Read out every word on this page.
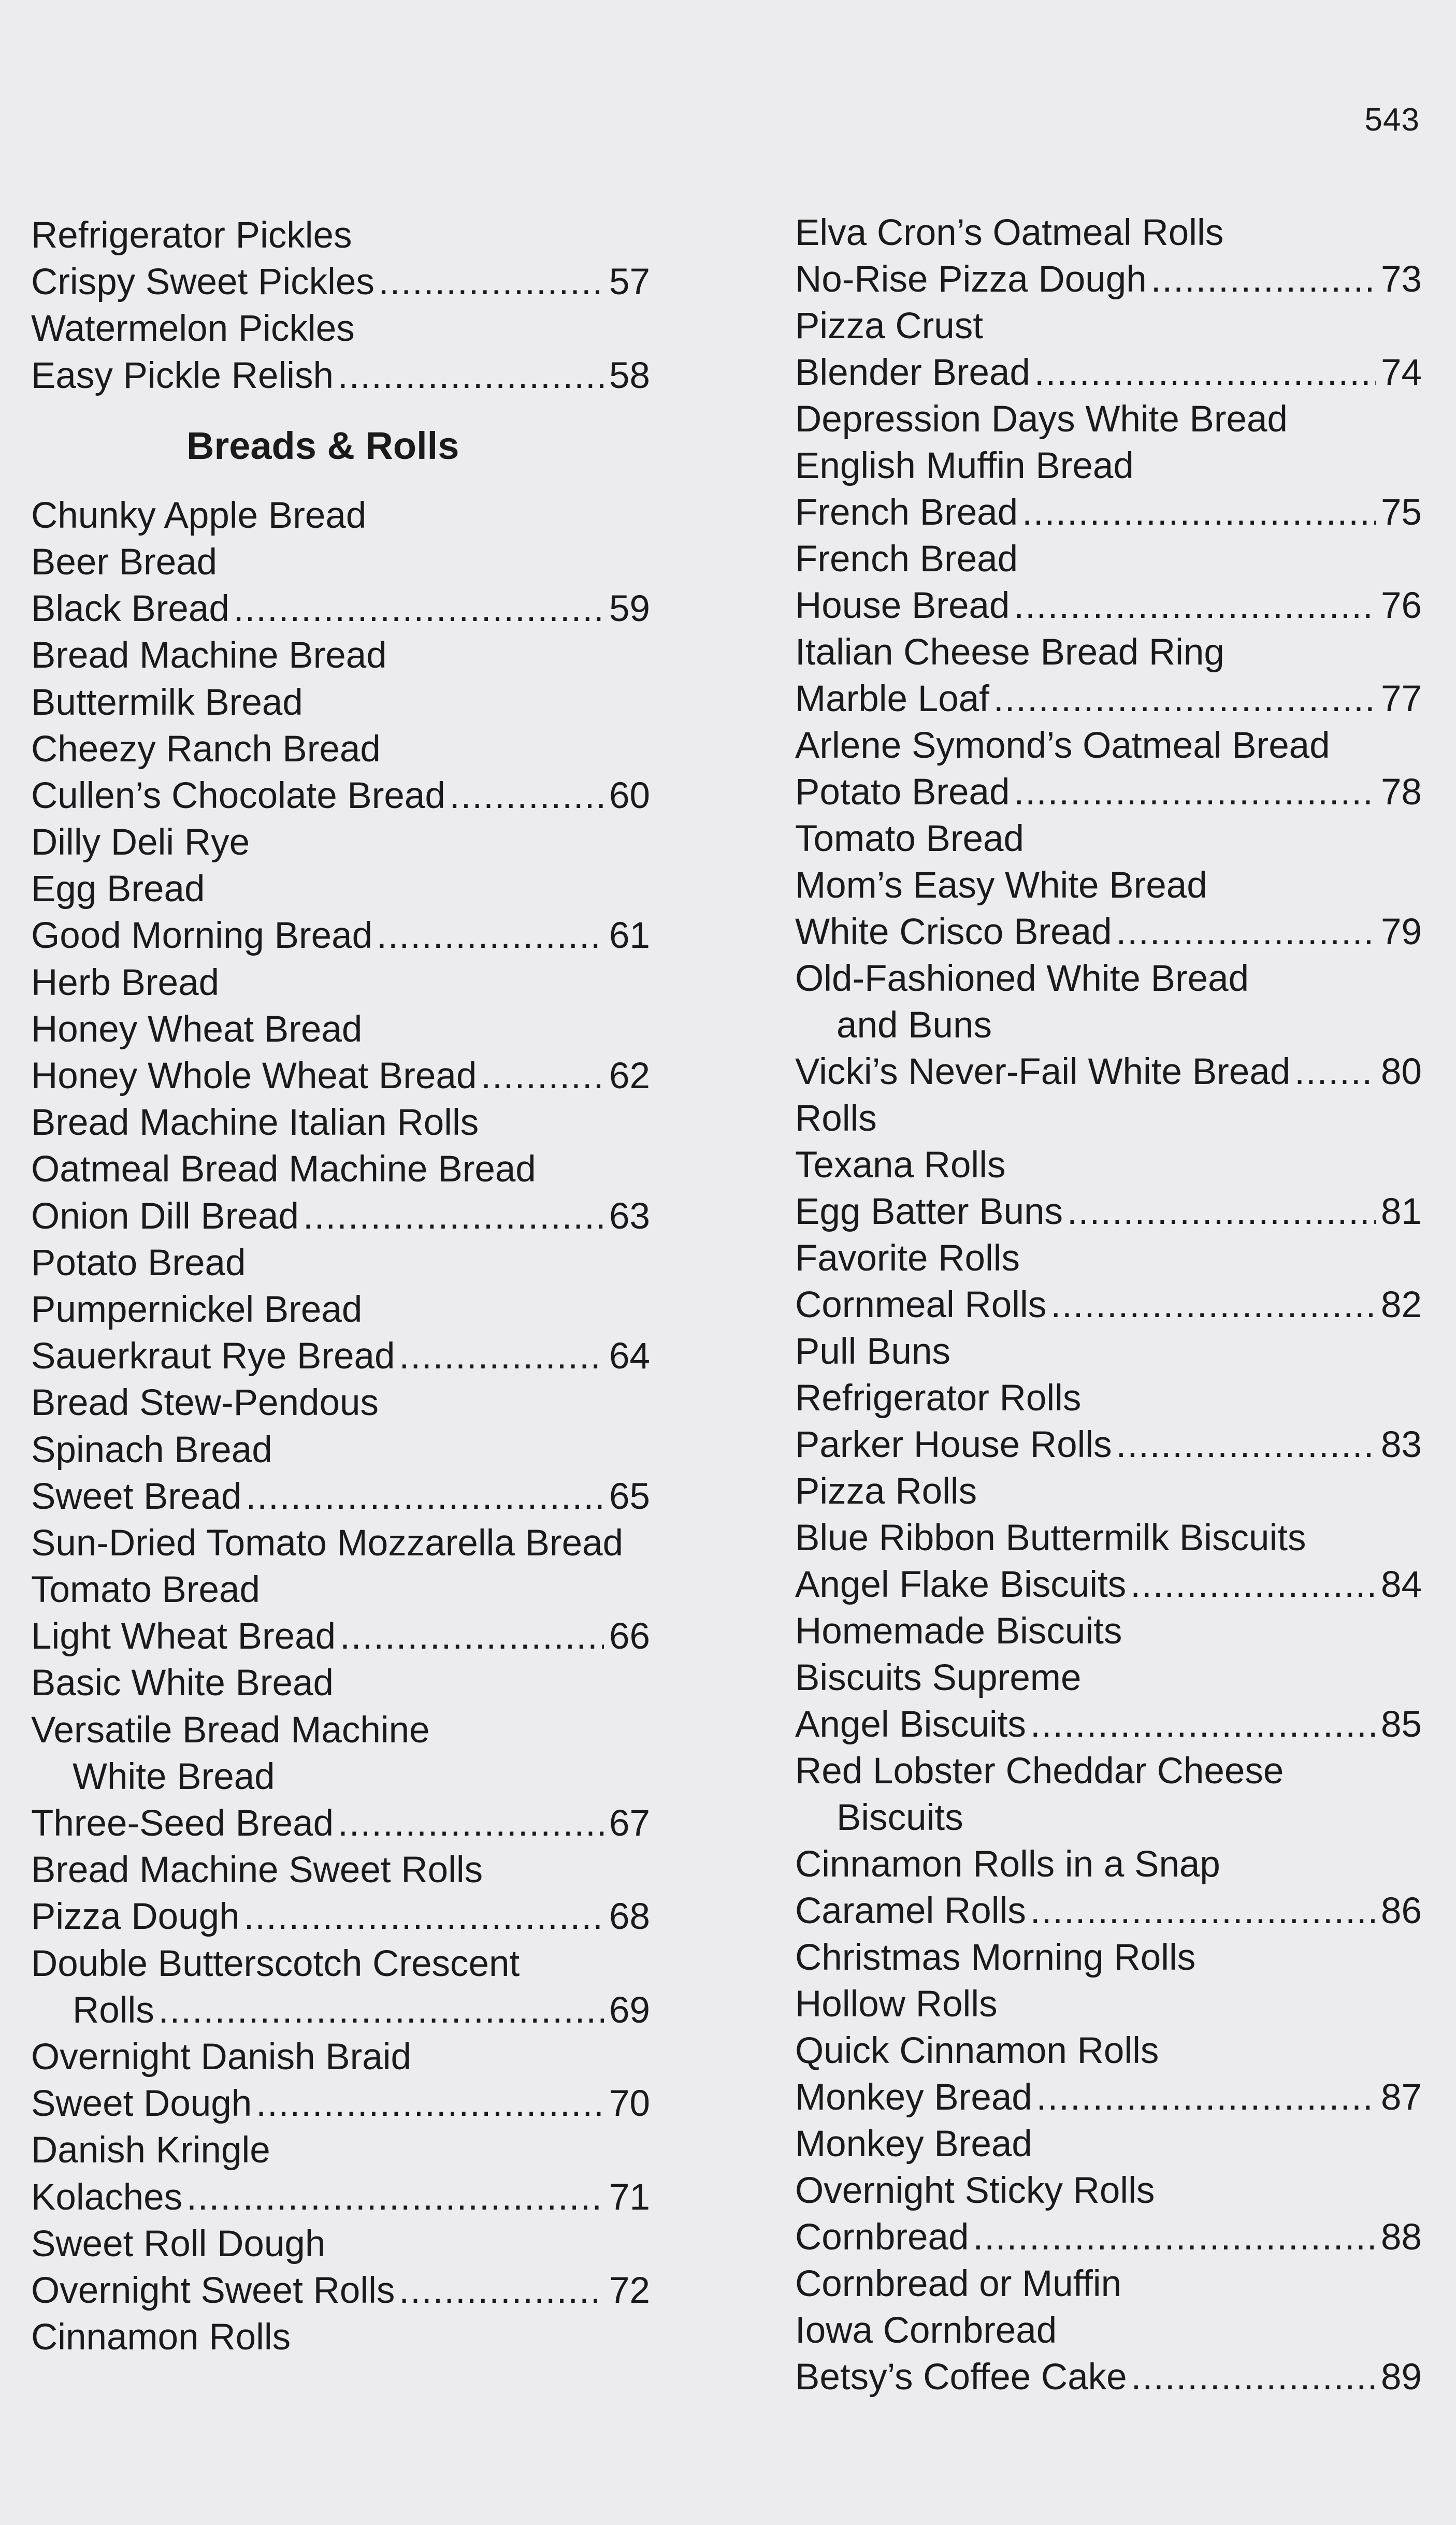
543
Refrigerator Pickles
Crispy Sweet Pickles .....	57
Watermelon Pickles
Easy Pickle Relish .....	58
Breads & Rolls
Chunky Apple Bread
Beer Bread
Black Bread .....	59
Bread Machine Bread
Buttermilk Bread
Cheezy Ranch Bread
Cullen’s Chocolate Bread .....	60
Dilly Deli Rye
Egg Bread
Good Morning Bread .....	61
Herb Bread
Honey Wheat Bread
Honey Whole Wheat Bread .....	62
Bread Machine Italian Rolls
Oatmeal Bread Machine Bread
Onion Dill Bread .....	63
Potato Bread
Pumpernickel Bread
Sauerkraut Rye Bread .....	64
Bread Stew-Pendous
Spinach Bread
Sweet Bread .....	65
Sun-Dried Tomato Mozzarella Bread
Tomato Bread
Light Wheat Bread .....	66
Basic White Bread
Versatile Bread Machine
White Bread
Three-Seed Bread .....	67
Bread Machine Sweet Rolls
Pizza Dough .....	68
Double Butterscotch Crescent
Rolls .....	69
Overnight Danish Braid
Sweet Dough .....	70
Danish Kringle
Kolaches .....	71
Sweet Roll Dough
Overnight Sweet Rolls .....	72
Cinnamon Rolls
Elva Cron’s Oatmeal Rolls
No-Rise Pizza Dough .....	73
Pizza Crust
Blender Bread .....	74
Depression Days White Bread
English Muffin Bread
French Bread .....	75
French Bread
House Bread .....	76
Italian Cheese Bread Ring
Marble Loaf .....	77
Arlene Symond’s Oatmeal Bread
Potato Bread .....	78
Tomato Bread
Mom’s Easy White Bread
White Crisco Bread .....	79
Old-Fashioned White Bread
and Buns
Vicki’s Never-Fail White Bread ..... 80
Rolls
Texana Rolls
Egg Batter Buns .....	81
Favorite Rolls
Cornmeal Rolls .....	82
Pull Buns
Refrigerator Rolls
Parker House Rolls .....	83
Pizza Rolls
Blue Ribbon Buttermilk Biscuits
Angel Flake Biscuits .....	84
Homemade Biscuits
Biscuits Supreme
Angel Biscuits .....	85
Red Lobster Cheddar Cheese
Biscuits
Cinnamon Rolls in a Snap
Caramel Rolls .....	86
Christmas Morning Rolls
Hollow Rolls
Quick Cinnamon Rolls
Monkey Bread .....	87
Monkey Bread
Overnight Sticky Rolls
Cornbread .....	88
Cornbread or Muffin
Iowa Cornbread
Betsy’s Coffee Cake .....	89
